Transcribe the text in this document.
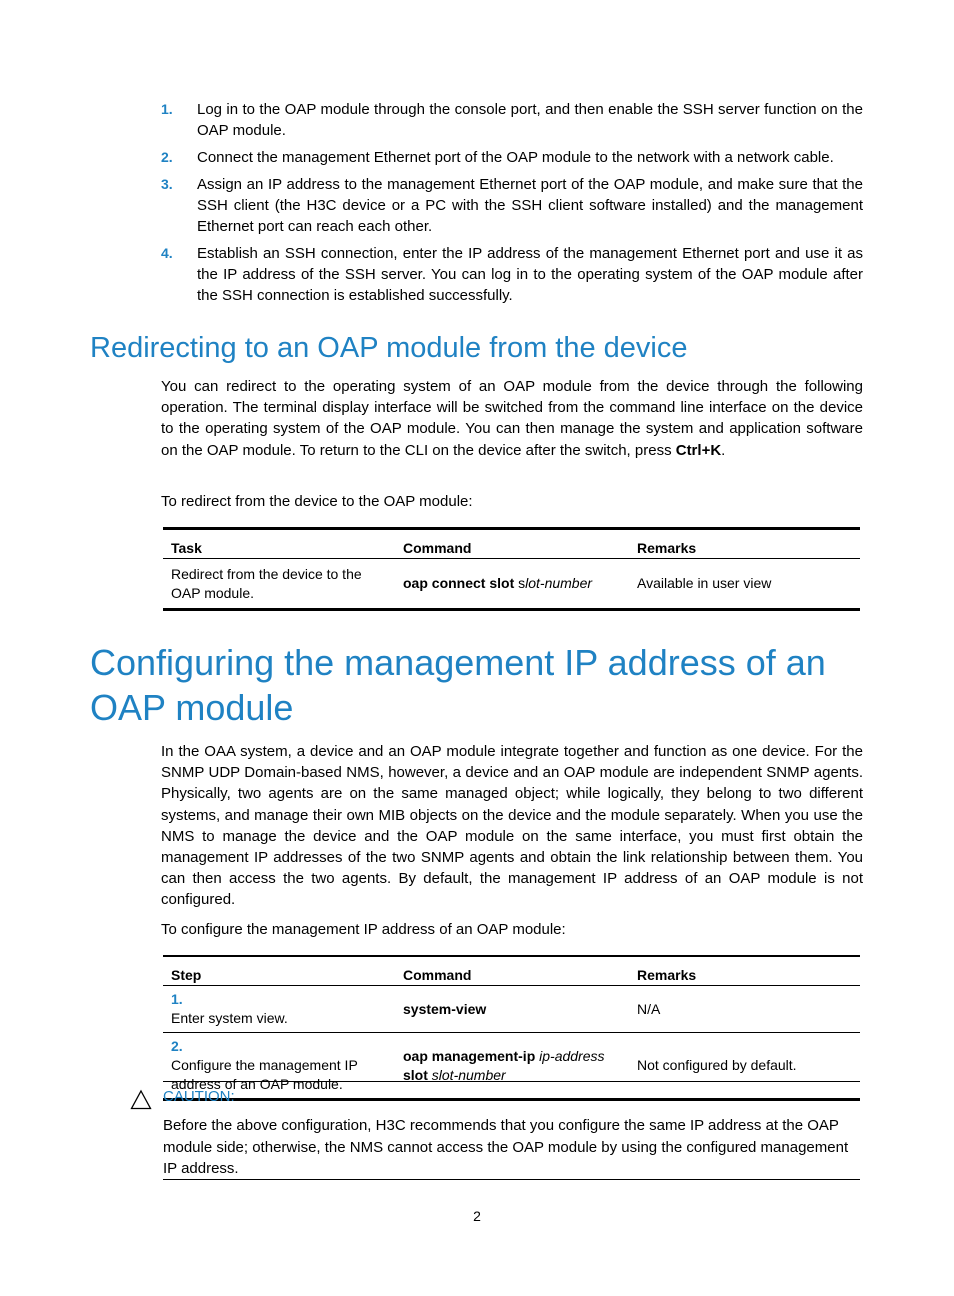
1. Log in to the OAP module through the console port, and then enable the SSH server function on the OAP module.
2. Connect the management Ethernet port of the OAP module to the network with a network cable.
3. Assign an IP address to the management Ethernet port of the OAP module, and make sure that the SSH client (the H3C device or a PC with the SSH client software installed) and the management Ethernet port can reach each other.
4. Establish an SSH connection, enter the IP address of the management Ethernet port and use it as the IP address of the SSH server. You can log in to the operating system of the OAP module after the SSH connection is established successfully.
Redirecting to an OAP module from the device

You can redirect to the operating system of an OAP module from the device through the following operation. The terminal display interface will be switched from the command line interface on the device to the operating system of the OAP module. You can then manage the system and application software on the OAP module. To return to the CLI on the device after the switch, press Ctrl+K.

To redirect from the device to the OAP module:

Task	Command	Remarks
Redirect from the device to the OAP module.	oap connect slot slot-number	Available in user view
Configuring the management IP address of an OAP module

In the OAA system, a device and an OAP module integrate together and function as one device. For the SNMP UDP Domain-based NMS, however, a device and an OAP module are independent SNMP agents. Physically, two agents are on the same managed object; while logically, they belong to two different systems, and manage their own MIB objects on the device and the module separately. When you use the NMS to manage the device and the OAP module on the same interface, you must first obtain the management IP addresses of the two SNMP agents and obtain the link relationship between them. You can then access the two agents. By default, the management IP address of an OAP module is not configured.

To configure the management IP address of an OAP module:

Step	Command	Remarks
1.Enter system view.	system-view	N/A
2.Configure the management IP address of an OAP module.	oap management-ip ip-address
slot slot-number	Not configured by default.
CAUTION:

Before the above configuration, H3C recommends that you configure the same IP address at the OAP module side; otherwise, the NMS cannot access the OAP module by using the configured management IP address.

2
